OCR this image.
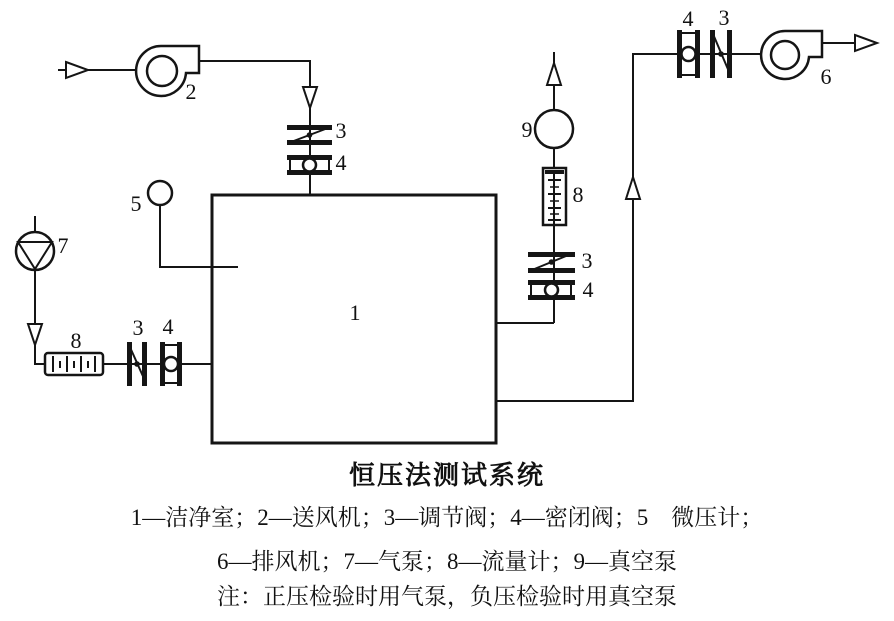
1
2
3
4
5
6
7
8
3 4
9
8
3
4
4 3
恒压法测试系统
1—洁净室；2—送风机；3—调节阀；4—密闭阀；5　微压计；
6—排风机；7—气泵；8—流量计；9—真空泵
注：正压检验时用气泵，负压检验时用真空泵
